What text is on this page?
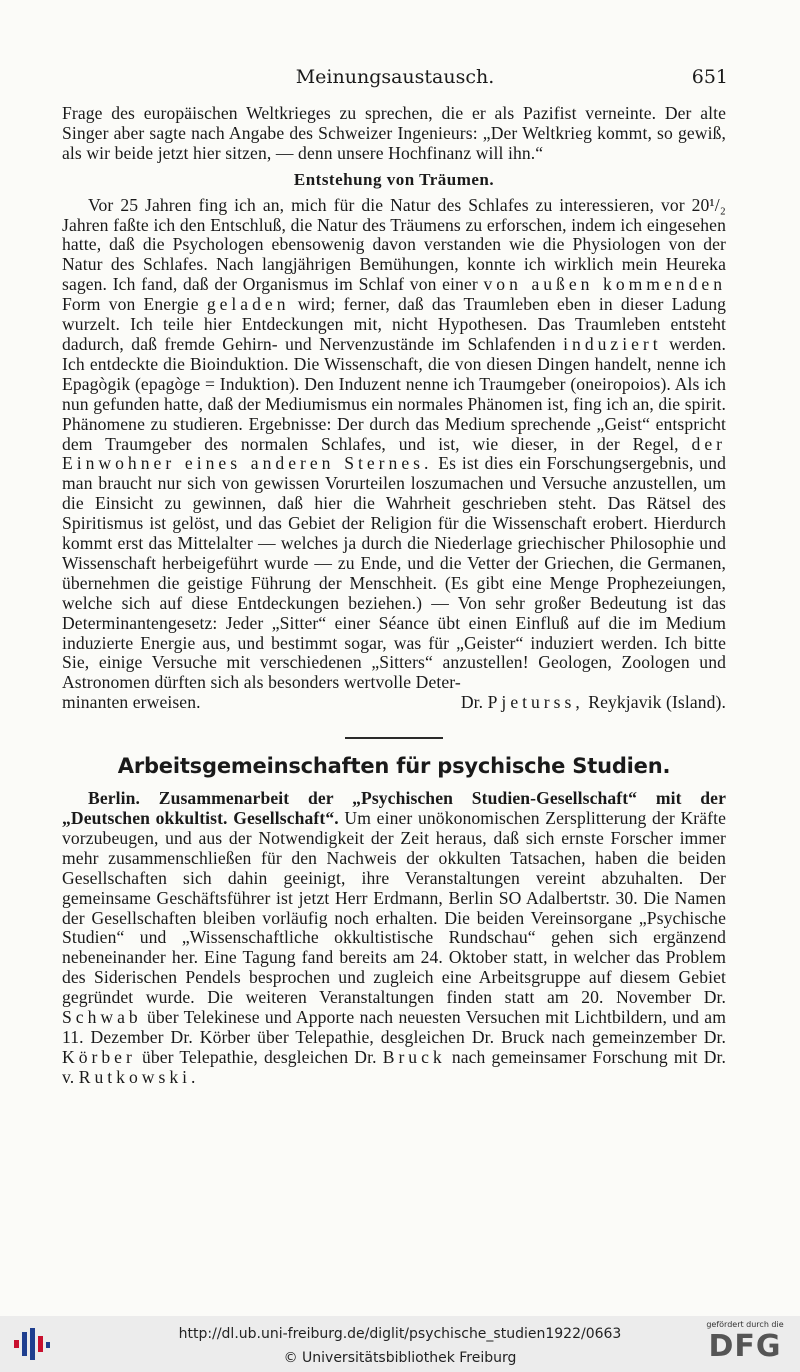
Meinungsaustausch.	651

Frage des europäischen Weltkrieges zu sprechen, die er als Pazifist verneinte. Der alte Singer aber sagte nach Angabe des Schweizer Ingenieurs: „Der Weltkrieg kommt, so gewiß, als wir beide jetzt hier sitzen, — denn unsere Hochfinanz will ihn.“

Entstehung von Träumen.

Vor 25 Jahren fing ich an, mich für die Natur des Schlafes zu interessieren, vor 20¹/₂ Jahren faßte ich den Entschluß, die Natur des Träumens zu erforschen, indem ich eingesehen hatte, daß die Psychologen ebensowenig davon verstanden wie die Physiologen von der Natur des Schlafes. Nach langjährigen Bemühungen, konnte ich wirklich mein Heureka sagen. Ich fand, daß der Organismus im Schlaf von einer von außen kommenden Form von Energie geladen wird; ferner, daß das Traumleben eben in dieser Ladung wurzelt. Ich teile hier Entdeckungen mit, nicht Hypothesen. Das Traumleben entsteht dadurch, daß fremde Gehirn- und Nervenzustände im Schlafenden induziert werden. Ich entdeckte die Bioinduktion. Die Wissenschaft, die von diesen Dingen handelt, nenne ich Epagògik (epagòge = Induktion). Den Induzent nenne ich Traumgeber (oneiropoios). Als ich nun gefunden hatte, daß der Mediumismus ein normales Phänomen ist, fing ich an, die spirit. Phänomene zu studieren. Ergebnisse: Der durch das Medium sprechende „Geist“ entspricht dem Traumgeber des normalen Schlafes, und ist, wie dieser, in der Regel, der Einwohner eines anderen Sternes. Es ist dies ein Forschungsergebnis, und man braucht nur sich von gewissen Vorurteilen loszumachen und Versuche anzustellen, um die Einsicht zu gewinnen, daß hier die Wahrheit geschrieben steht. Das Rätsel des Spiritismus ist gelöst, und das Gebiet der Religion für die Wissenschaft erobert. Hierdurch kommt erst das Mittelalter — welches ja durch die Niederlage griechischer Philosophie und Wissenschaft herbeigeführt wurde — zu Ende, und die Vetter der Griechen, die Germanen, übernehmen die geistige Führung der Menschheit. (Es gibt eine Menge Prophezeiungen, welche sich auf diese Entdeckungen beziehen.) — Von sehr großer Bedeutung ist das Determinantengesetz: Jeder „Sitter“ einer Séance übt einen Einfluß auf die im Medium induzierte Energie aus, und bestimmt sogar, was für „Geister“ induziert werden. Ich bitte Sie, einige Versuche mit verschiedenen „Sitters“ anzustellen! Geologen, Zoologen und Astronomen dürften sich als besonders wertvolle Deter-

minanten erweisen.	Dr. Pjeturss, Reykjavik (Island).

Arbeitsgemeinschaften für psychische Studien.

Berlin. Zusammenarbeit der „Psychischen Studien-Gesellschaft“ mit der „Deutschen okkultist. Gesellschaft“. Um einer unökonomischen Zersplitterung der Kräfte vorzubeugen, und aus der Notwendigkeit der Zeit heraus, daß sich ernste Forscher immer mehr zusammenschließen für den Nachweis der okkulten Tatsachen, haben die beiden Gesellschaften sich dahin geeinigt, ihre Veranstaltungen vereint abzuhalten. Der gemeinsame Geschäftsführer ist jetzt Herr Erdmann, Berlin SO Adalbertstr. 30. Die Namen der Gesellschaften bleiben vorläufig noch erhalten. Die beiden Vereinsorgane „Psychische Studien“ und „Wissenschaftliche okkultistische Rundschau“ gehen sich ergänzend nebeneinander her. Eine Tagung fand bereits am 24. Oktober statt, in welcher das Problem des Siderischen Pendels besprochen und zugleich eine Arbeitsgruppe auf diesem Gebiet gegründet wurde. Die weiteren Veranstaltungen finden statt am 20. November Dr. Schwab über Telekinese und Apporte nach neuesten Versuchen mit Lichtbildern, und am 11. Dezember Dr. Körber über Telepathie, desgleichen Dr. Bruck nach gemeinzember Dr. Körber über Telepathie, desgleichen Dr. Bruck nach gemeinsamer Forschung mit Dr. v. Rutkowski.

http://dl.ub.uni-freiburg.de/diglit/psychische_studien1922/0663
© Universitätsbibliothek Freiburg
gefördert durch die
DFG
